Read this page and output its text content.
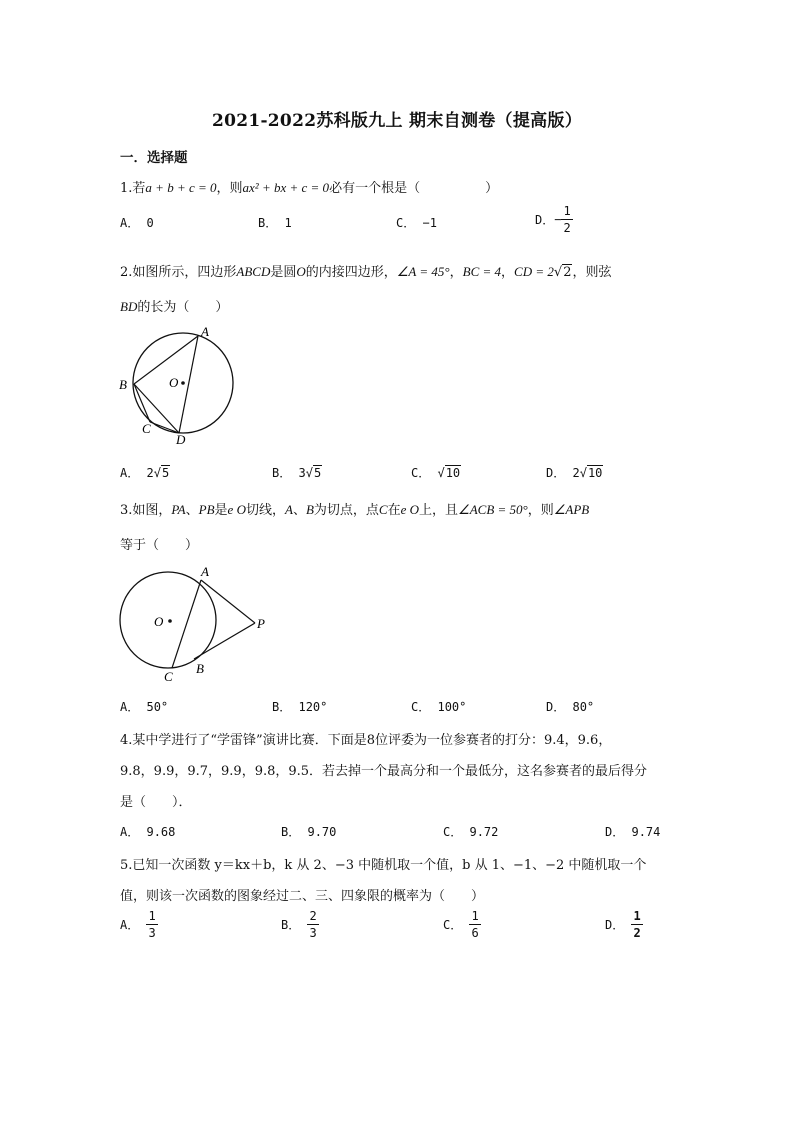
2021-2022苏科版九上 期末自测卷（提高版）
一．选择题
1.若a + b + c = 0，则ax² + bx + c = 0必有一个根是（　　　　　）
A． 0	B． 1	C． −1	D．− $\frac{1}{2}$
2.如图所示，四边形ABCD是圆O的内接四边形，∠A = 45°，BC = 4，CD = 2√2，则弦
BD的长为（　　）
O
A
B
C
D
A． 2√5	B． 3√5	C． √10	D． 2√10
3.如图，PA、PB是e O切线，A、B为切点，点C在e O上，且∠ACB = 50°，则∠APB
等于（　　）
O
A
B
C
P
A． 50°	B． 120°	C． 100°	D． 80°
4.某中学进行了“学雷锋”演讲比赛．下面是8位评委为一位参赛者的打分：9.4，9.6，
9.8，9.9，9.7，9.9，9.8，9.5．若去掉一个最高分和一个最低分，这名参赛者的最后得分
是（　　）．
A． 9.68	B． 9.70	C． 9.72	D． 9.74
5.已知一次函数 y＝kx＋b，k 从 2、−3 中随机取一个值，b 从 1、−1、−2 中随机取一个
值，则该一次函数的图象经过二、三、四象限的概率为（　　）
A． $\frac{1}{3}$	B． $\frac{2}{3}$	C． $\frac{1}{6}$	D． $\frac{1}{2}$
